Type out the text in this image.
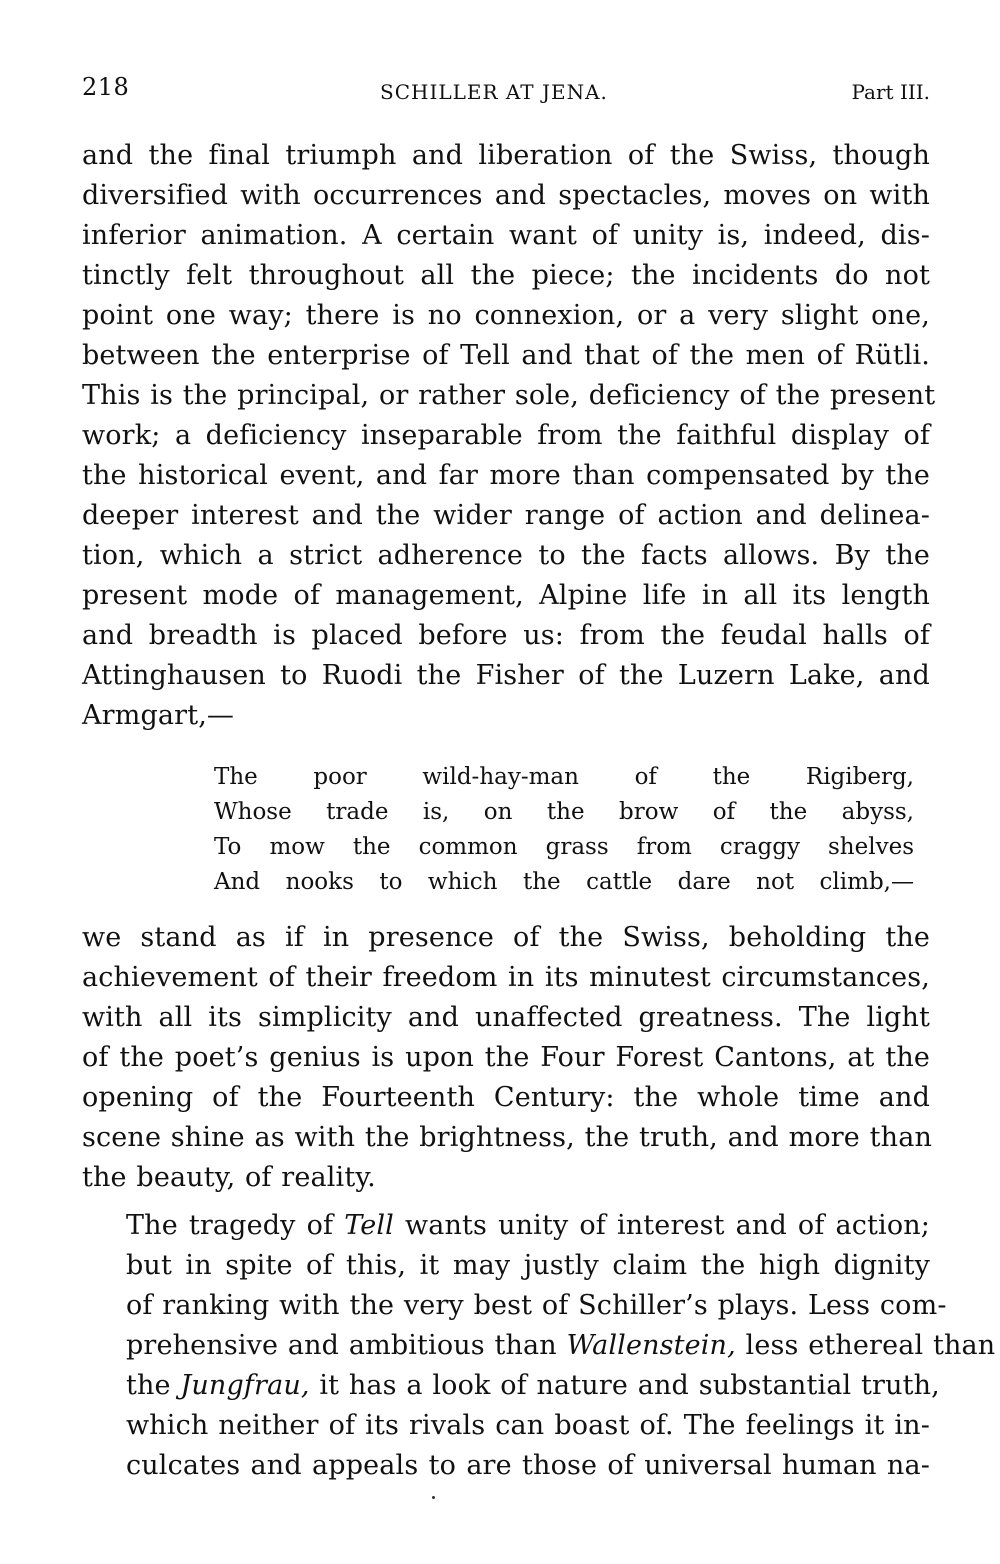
218	SCHILLER AT JENA.	Part III.

and the final triumph and liberation of the Swiss, though
diversified with occurrences and spectacles, moves on with
inferior animation. A certain want of unity is, indeed, dis-
tinctly felt throughout all the piece; the incidents do not
point one way; there is no connexion, or a very slight one,
between the enterprise of Tell and that of the men of Rütli.
This is the principal, or rather sole, deficiency of the present
work; a deficiency inseparable from the faithful display of
the historical event, and far more than compensated by the
deeper interest and the wider range of action and delinea-
tion, which a strict adherence to the facts allows. By the
present mode of management, Alpine life in all its length
and breadth is placed before us: from the feudal halls of
Attinghausen to Ruodi the Fisher of the Luzern Lake, and
Armgart,—

The poor wild-hay-man of the Rigiberg,
Whose trade is, on the brow of the abyss,
To mow the common grass from craggy shelves
And nooks to which the cattle dare not climb,—

we stand as if in presence of the Swiss, beholding the
achievement of their freedom in its minutest circumstances,
with all its simplicity and unaffected greatness. The light
of the poet’s genius is upon the Four Forest Cantons, at the
opening of the Fourteenth Century: the whole time and
scene shine as with the brightness, the truth, and more than
the beauty, of reality.

The tragedy of Tell wants unity of interest and of action;
but in spite of this, it may justly claim the high dignity
of ranking with the very best of Schiller’s plays. Less com-
prehensive and ambitious than Wallenstein, less ethereal than
the Jungfrau, it has a look of nature and substantial truth,
which neither of its rivals can boast of. The feelings it in-
culcates and appeals to are those of universal human na-
